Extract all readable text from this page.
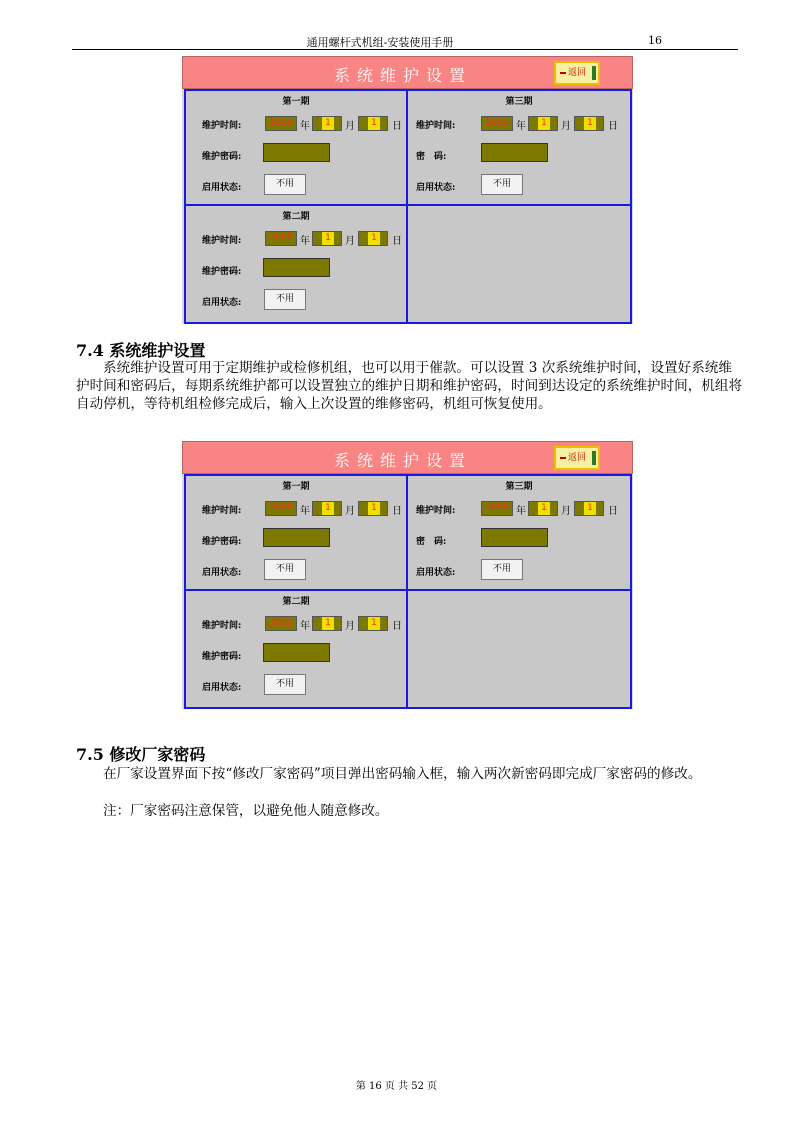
通用螺杆式机组-安装使用手册	16
系统维护设置	返回
第一期
维护时间:	2099 年	1	月	1	日
维护密码:
启用状态:	不用
第三期
维护时间:	2099 年	1	月	1	日
密　码:
启用状态:	不用
第二期
维护时间:	2099 年	1	月	1	日
维护密码:
启用状态:	不用
7.4 系统维护设置
系统维护设置可用于定期维护或检修机组，也可以用于催款。可以设置 3 次系统维护时间，设置好系统维护时间和密码后，每期系统维护都可以设置独立的维护日期和维护密码，时间到达设定的系统维护时间，机组将自动停机，等待机组检修完成后，输入上次设置的维修密码，机组可恢复使用。
系统维护设置	返回
第一期
维护时间:	2099 年	1	月	1	日
维护密码:
启用状态:	不用
第三期
维护时间:	2099 年	1	月	1	日
密　码:
启用状态:	不用
第二期
维护时间:	2099 年	1	月	1	日
维护密码:
启用状态:	不用
7.5 修改厂家密码
在厂家设置界面下按“修改厂家密码”项目弹出密码输入框，输入两次新密码即完成厂家密码的修改。
注：厂家密码注意保管，以避免他人随意修改。
第 16 页 共 52 页
